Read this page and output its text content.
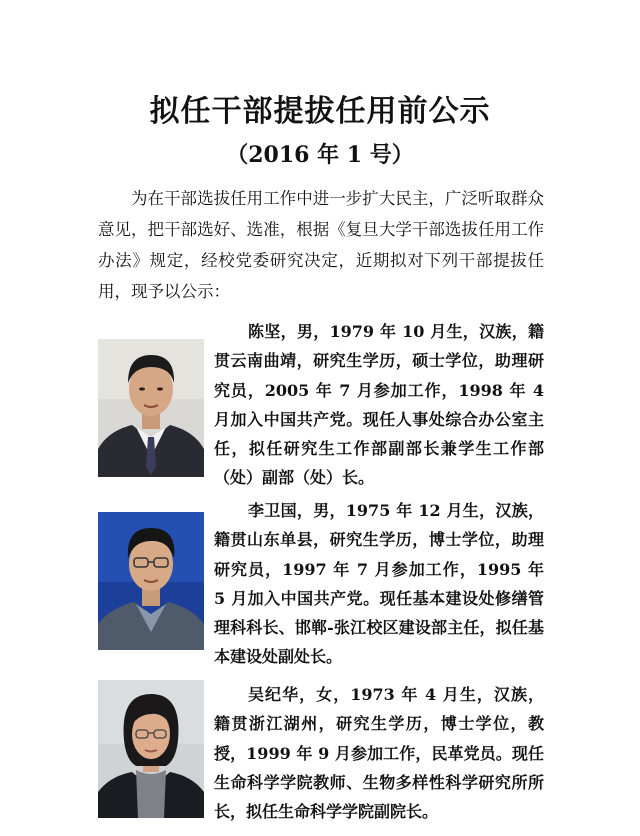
拟任干部提拔任用前公示
（2016 年 1 号）
为在干部选拔任用工作中进一步扩大民主，广泛听取群众意见，把干部选好、选准，根据《复旦大学干部选拔任用工作办法》规定，经校党委研究决定，近期拟对下列干部提拔任用，现予以公示：
陈坚，男，1979 年 10 月生，汉族，籍贯云南曲靖，研究生学历，硕士学位，助理研究员，2005 年 7 月参加工作，1998 年 4 月加入中国共产党。现任人事处综合办公室主任，拟任研究生工作部副部长兼学生工作部（处）副部（处）长。
李卫国，男，1975 年 12 月生，汉族，籍贯山东单县，研究生学历，博士学位，助理研究员，1997 年 7 月参加工作，1995 年 5 月加入中国共产党。现任基本建设处修缮管理科科长、邯郸-张江校区建设部主任，拟任基本建设处副处长。
吴纪华，女，1973 年 4 月生，汉族，籍贯浙江湖州，研究生学历，博士学位，教授，1999 年 9 月参加工作，民革党员。现任生命科学学院教师、生物多样性科学研究所所长，拟任生命科学学院副院长。
